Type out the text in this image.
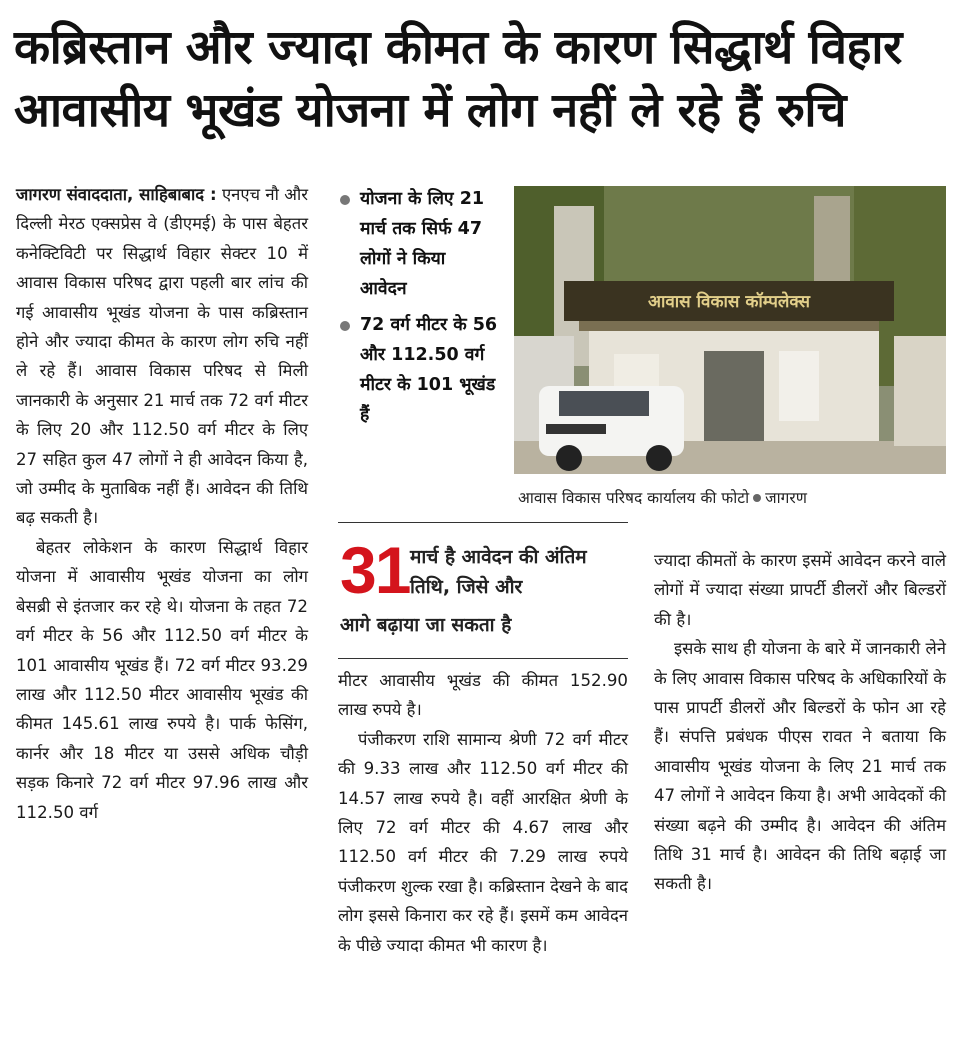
कब्रिस्तान और ज्यादा कीमत के कारण सिद्धार्थ विहार आवासीय भूखंड योजना में लोग नहीं ले रहे हैं रुचि

जागरण संवाददाता, साहिबाबाद : एनएच नौ और दिल्ली मेरठ एक्सप्रेस वे (डीएमई) के पास बेहतर कनेक्टिविटी पर सिद्धार्थ विहार सेक्टर 10 में आवास विकास परिषद द्वारा पहली बार लांच की गई आवासीय भूखंड योजना के पास कब्रिस्तान होने और ज्यादा कीमत के कारण लोग रुचि नहीं ले रहे हैं। आवास विकास परिषद से मिली जानकारी के अनुसार 21 मार्च तक 72 वर्ग मीटर के लिए 20 और 112.50 वर्ग मीटर के लिए 27 सहित कुल 47 लोगों ने ही आवेदन किया है, जो उम्मीद के मुताबिक नहीं हैं। आवेदन की तिथि बढ़ सकती है।

बेहतर लोकेशन के कारण सिद्धार्थ विहार योजना में आवासीय भूखंड योजना का लोग बेसब्री से इंतजार कर रहे थे। योजना के तहत 72 वर्ग मीटर के 56 और 112.50 वर्ग मीटर के 101 आवासीय भूखंड हैं। 72 वर्ग मीटर 93.29 लाख और 112.50 मीटर आवासीय भूखंड की कीमत 145.61 लाख रुपये है। पार्क फेसिंग, कार्नर और 18 मीटर या उससे अधिक चौड़ी सड़क किनारे 72 वर्ग मीटर 97.96 लाख और 112.50 वर्ग

योजना के लिए 21 मार्च तक सिर्फ 47 लोगों ने किया आवेदन
72 वर्ग मीटर के 56 और 112.50 वर्ग मीटर के 101 भूखंड हैं
आवास विकास कॉम्पलेक्स
आवास विकास परिषद कार्यालय की फोटो जागरण
31 मार्च है आवेदन की अंतिम तिथि, जिसे और
आगे बढ़ाया जा सकता है

मीटर आवासीय भूखंड की कीमत 152.90 लाख रुपये है।

पंजीकरण राशि सामान्य श्रेणी 72 वर्ग मीटर की 9.33 लाख और 112.50 वर्ग मीटर की 14.57 लाख रुपये है। वहीं आरक्षित श्रेणी के लिए 72 वर्ग मीटर की 4.67 लाख और 112.50 वर्ग मीटर की 7.29 लाख रुपये पंजीकरण शुल्क रखा है। कब्रिस्तान देखने के बाद लोग इससे किनारा कर रहे हैं। इसमें कम आवेदन के पीछे ज्यादा कीमत भी कारण है।

ज्यादा कीमतों के कारण इसमें आवेदन करने वाले लोगों में ज्यादा संख्या प्रापर्टी डीलरों और बिल्डरों की है।

इसके साथ ही योजना के बारे में जानकारी लेने के लिए आवास विकास परिषद के अधिकारियों के पास प्रापर्टी डीलरों और बिल्डरों के फोन आ रहे हैं। संपत्ति प्रबंधक पीएस रावत ने बताया कि आवासीय भूखंड योजना के लिए 21 मार्च तक 47 लोगों ने आवेदन किया है। अभी आवेदकों की संख्या बढ़ने की उम्मीद है। आवेदन की अंतिम तिथि 31 मार्च है। आवेदन की तिथि बढ़ाई जा सकती है।
